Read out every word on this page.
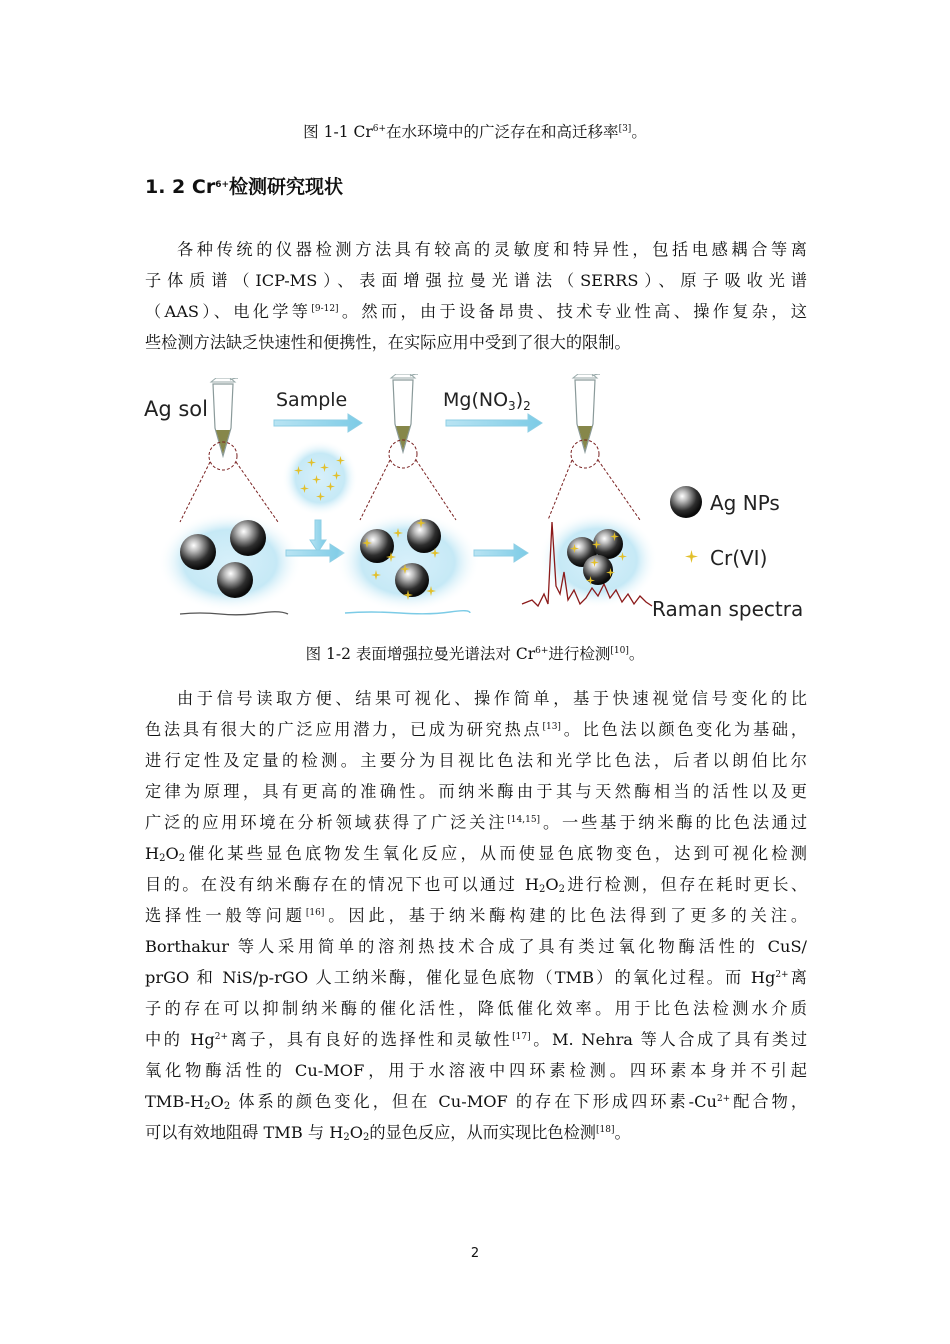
图 1-1 $Cr^{6+}$在水环境中的广泛存在和高迁移率[3]。
1. 2 $Cr^{6+}$检测研究现状
各种传统的仪器检测方法具有较高的灵敏度和特异性，包括电感耦合等离
子体质谱（ICP-MS）、表面增强拉曼光谱法（SERRS）、原子吸收光谱
（AAS）、电化学等[9-12]。然而，由于设备昂贵、技术专业性高、操作复杂，这
些检测方法缺乏快速性和便携性，在实际应用中受到了很大的限制。
Ag sol	Sample	$Mg(NO_3)_2$
Ag NPs
Cr(VI)
Raman spectra
图 1-2 表面增强拉曼光谱法对 $Cr^{6+}$进行检测[10]。
由于信号读取方便、结果可视化、操作简单，基于快速视觉信号变化的比
色法具有很大的广泛应用潜力，已成为研究热点[13]。比色法以颜色变化为基础，
进行定性及定量的检测。主要分为目视比色法和光学比色法，后者以朗伯比尔
定律为原理，具有更高的准确性。而纳米酶由于其与天然酶相当的活性以及更
广泛的应用环境在分析领域获得了广泛关注[14,15]。一些基于纳米酶的比色法通过
$H_2O_2$催化某些显色底物发生氧化反应，从而使显色底物变色，达到可视化检测
目的。在没有纳米酶存在的情况下也可以通过 $H_2O_2$进行检测，但存在耗时更长、
选择性一般等问题[16]。因此，基于纳米酶构建的比色法得到了更多的关注。
Borthakur 等人采用简单的溶剂热技术合成了具有类过氧化物酶活性的 CuS/
prGO 和 NiS/p-rGO 人工纳米酶，催化显色底物（TMB）的氧化过程。而 $Hg^{2+}$离
子的存在可以抑制纳米酶的催化活性，降低催化效率。用于比色法检测水介质
中的 $Hg^{2+}$离子，具有良好的选择性和灵敏性[17]。M. Nehra 等人合成了具有类过
氧化物酶活性的 Cu-MOF，用于水溶液中四环素检测。四环素本身并不引起
TMB-$H_2O_2$ 体系的颜色变化，但在 Cu-MOF 的存在下形成四环素$-Cu^{2+}$配合物，
可以有效地阻碍 TMB 与 $H_2O_2$的显色反应，从而实现比色检测[18]。
2
